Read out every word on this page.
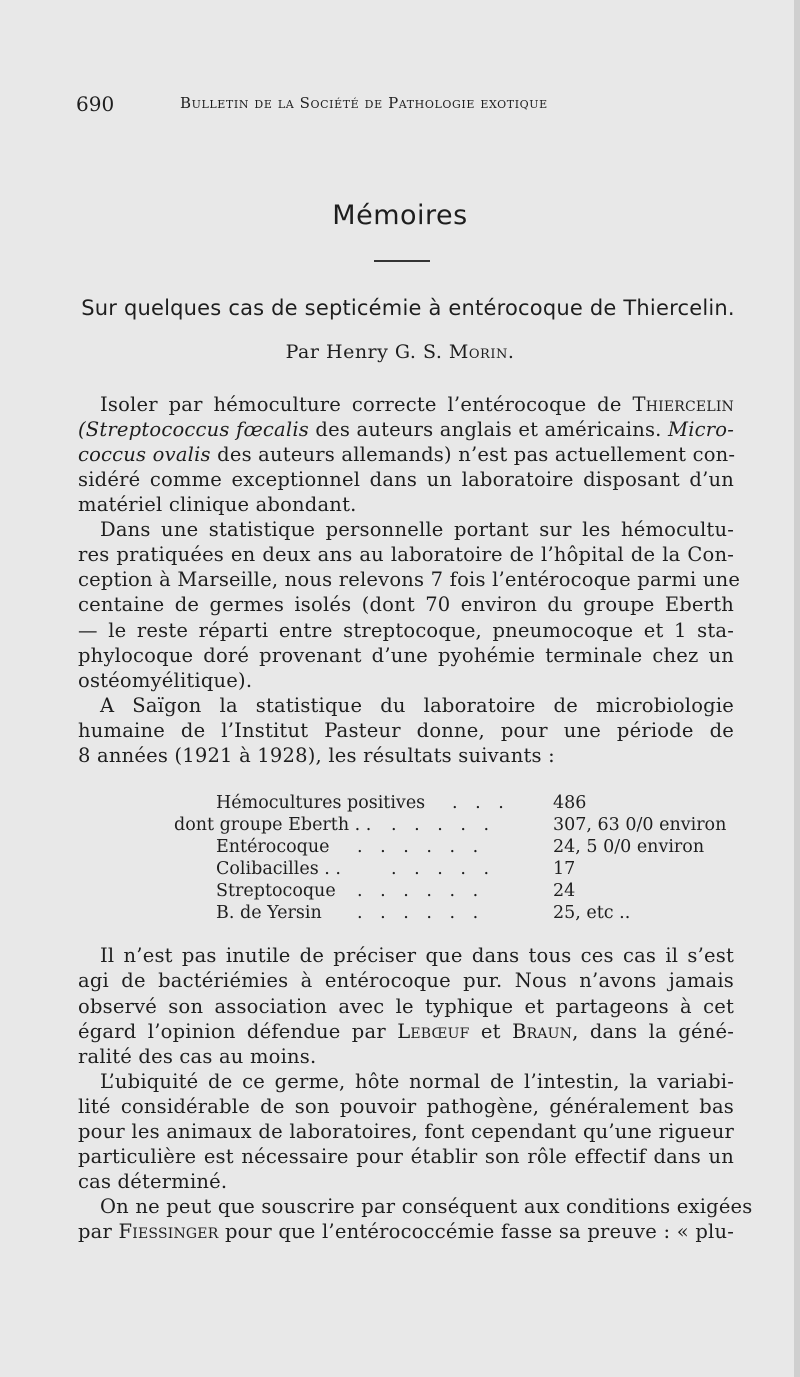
690	Bulletin de la Société de Pathologie exotique
Mémoires
Sur quelques cas de septicémie à entérocoque de Thiercelin.
Par Henry G. S. Morin.
Isoler par hémoculture correcte l’entérocoque de Thiercelin
(Streptococcus fœcalis des auteurs anglais et américains. Micro-
coccus ovalis des auteurs allemands) n’est pas actuellement con-
sidéré comme exceptionnel dans un laboratoire disposant d’un
matériel clinique abondant.
Dans une statistique personnelle portant sur les hémocultu-
res pratiquées en deux ans au laboratoire de l’hôpital de la Con-
ception à Marseille, nous relevons 7 fois l’entérocoque parmi une
centaine de germes isolés (dont 70 environ du groupe Eberth
— le reste réparti entre streptocoque, pneumocoque et 1 sta-
phylocoque doré provenant d’une pyohémie terminale chez un
ostéomyélitique).
A Saïgon la statistique du laboratoire de microbiologie
humaine de l’Institut Pasteur donne, pour une période de
8 années (1921 à 1928), les résultats suivants :
Hémocultures positives . . .	486
dont groupe Eberth . . . . . . .	307, 63 0/0 environ
Entérocoque . . . . . .	24, 5 0/0 environ
Colibacilles . .	. . . . .	17
Streptocoque . . . . . .	24
B. de Yersin . . . . . .	25, etc ..
Il n’est pas inutile de préciser que dans tous ces cas il s’est
agi de bactériémies à entérocoque pur. Nous n’avons jamais
observé son association avec le typhique et partageons à cet
égard l’opinion défendue par Lebœuf et Braun, dans la géné-
ralité des cas au moins.
L’ubiquité de ce germe, hôte normal de l’intestin, la variabi-
lité considérable de son pouvoir pathogène, généralement bas
pour les animaux de laboratoires, font cependant qu’une rigueur
particulière est nécessaire pour établir son rôle effectif dans un
cas déterminé.
On ne peut que souscrire par conséquent aux conditions exigées
par Fiessinger pour que l’entérococcémie fasse sa preuve : « plu-
